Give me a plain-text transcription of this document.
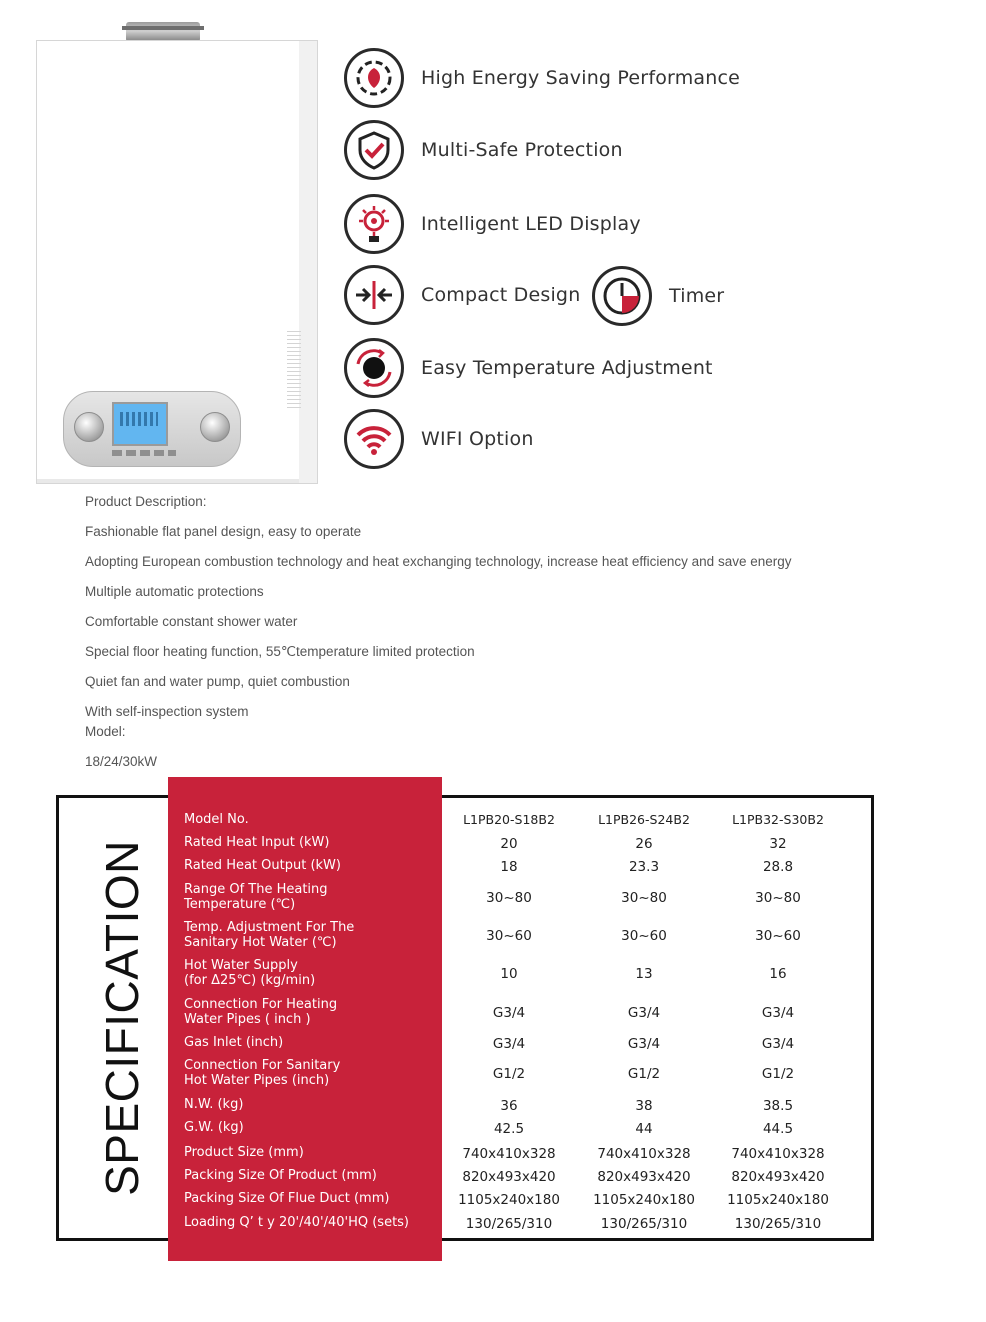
High Energy Saving Performance
Multi-Safe Protection
Intelligent LED Display
Compact Design	Timer
Easy Temperature Adjustment
WIFI Option
Product Description:
Fashionable flat panel design, easy to operate
Adopting European combustion technology and heat exchanging technology, increase heat efficiency and save energy
Multiple automatic protections
Comfortable constant shower water
Special floor heating function, 55℃temperature limited protection
Quiet fan and water pump, quiet combustion
With self-inspection system
Model:
18/24/30kW
SPECIFICATION
Model No.	L1PB20-S18B2	L1PB26-S24B2	L1PB32-S30B2
Rated Heat Input (kW)	20	26	32
Rated Heat Output (kW)	18	23.3	28.8
Range Of The Heating
Temperature (℃)	30~80	30~80	30~80
Temp. Adjustment For The
Sanitary Hot Water (℃)	30~60	30~60	30~60
Hot Water Supply
(for Δ25℃) (kg/min)	10	13	16
Connection For Heating
Water Pipes ( inch )	G3/4	G3/4	G3/4
Gas Inlet (inch)	G3/4	G3/4	G3/4
Connection For Sanitary
Hot Water Pipes (inch)	G1/2	G1/2	G1/2
N.W. (kg)	36	38	38.5
G.W. (kg)	42.5	44	44.5
Product Size (mm)	740x410x328	740x410x328	740x410x328
Packing Size Of Product (mm)	820x493x420	820x493x420	820x493x420
Packing Size Of Flue Duct (mm)	1105x240x180	1105x240x180	1105x240x180
Loading Q’ t y 20'/40'/40'HQ (sets)	130/265/310	130/265/310	130/265/310
